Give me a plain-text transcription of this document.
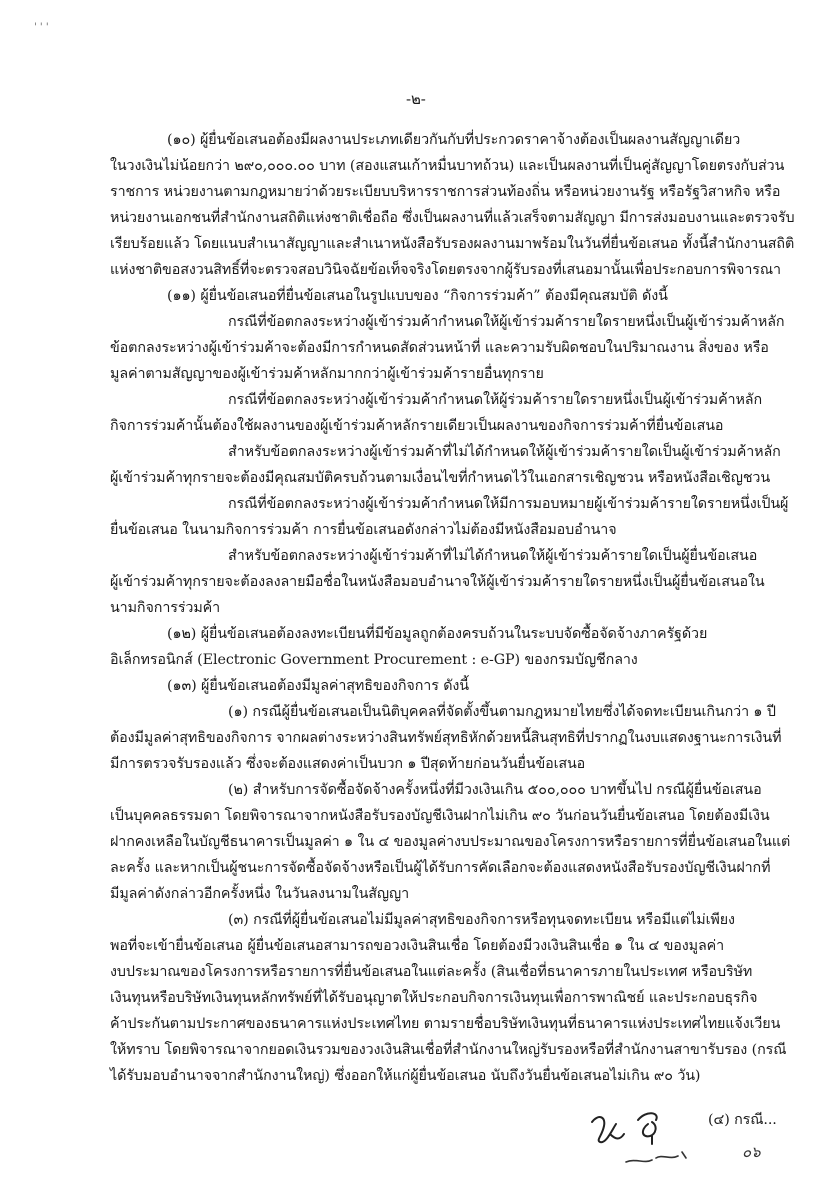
' ' '
-๒-
(๑๐) ผู้ยื่นข้อเสนอต้องมีผลงานประเภทเดียวกันกับที่ประกวดราคาจ้างต้องเป็นผลงานสัญญาเดียว
ในวงเงินไม่น้อยกว่า ๒๙๐,๐๐๐.๐๐ บาท (สองแสนเก้าหมื่นบาทถ้วน) และเป็นผลงานที่เป็นคู่สัญญาโดยตรงกับส่วน
ราชการ หน่วยงานตามกฎหมายว่าด้วยระเบียบบริหารราชการส่วนท้องถิ่น หรือหน่วยงานรัฐ หรือรัฐวิสาหกิจ หรือ
หน่วยงานเอกชนที่สำนักงานสถิติแห่งชาติเชื่อถือ ซึ่งเป็นผลงานที่แล้วเสร็จตามสัญญา มีการส่งมอบงานและตรวจรับ
เรียบร้อยแล้ว โดยแนบสำเนาสัญญาและสำเนาหนังสือรับรองผลงานมาพร้อมในวันที่ยื่นข้อเสนอ ทั้งนี้สำนักงานสถิติ
แห่งชาติขอสงวนสิทธิ์ที่จะตรวจสอบวินิจฉัยข้อเท็จจริงโดยตรงจากผู้รับรองที่เสนอมานั้นเพื่อประกอบการพิจารณา
(๑๑) ผู้ยื่นข้อเสนอที่ยื่นข้อเสนอในรูปแบบของ “กิจการร่วมค้า” ต้องมีคุณสมบัติ ดังนี้
กรณีที่ข้อตกลงระหว่างผู้เข้าร่วมค้ากำหนดให้ผู้เข้าร่วมค้ารายใดรายหนึ่งเป็นผู้เข้าร่วมค้าหลัก
ข้อตกลงระหว่างผู้เข้าร่วมค้าจะต้องมีการกำหนดสัดส่วนหน้าที่ และความรับผิดชอบในปริมาณงาน สิ่งของ หรือ
มูลค่าตามสัญญาของผู้เข้าร่วมค้าหลักมากกว่าผู้เข้าร่วมค้ารายอื่นทุกราย
กรณีที่ข้อตกลงระหว่างผู้เข้าร่วมค้ากำหนดให้ผู้ร่วมค้ารายใดรายหนึ่งเป็นผู้เข้าร่วมค้าหลัก
กิจการร่วมค้านั้นต้องใช้ผลงานของผู้เข้าร่วมค้าหลักรายเดียวเป็นผลงานของกิจการร่วมค้าที่ยื่นข้อเสนอ
สำหรับข้อตกลงระหว่างผู้เข้าร่วมค้าที่ไม่ได้กำหนดให้ผู้เข้าร่วมค้ารายใดเป็นผู้เข้าร่วมค้าหลัก
ผู้เข้าร่วมค้าทุกรายจะต้องมีคุณสมบัติครบถ้วนตามเงื่อนไขที่กำหนดไว้ในเอกสารเชิญชวน หรือหนังสือเชิญชวน
กรณีที่ข้อตกลงระหว่างผู้เข้าร่วมค้ากำหนดให้มีการมอบหมายผู้เข้าร่วมค้ารายใดรายหนึ่งเป็นผู้
ยื่นข้อเสนอ ในนามกิจการร่วมค้า การยื่นข้อเสนอดังกล่าวไม่ต้องมีหนังสือมอบอำนาจ
สำหรับข้อตกลงระหว่างผู้เข้าร่วมค้าที่ไม่ได้กำหนดให้ผู้เข้าร่วมค้ารายใดเป็นผู้ยื่นข้อเสนอ
ผู้เข้าร่วมค้าทุกรายจะต้องลงลายมือชื่อในหนังสือมอบอำนาจให้ผู้เข้าร่วมค้ารายใดรายหนึ่งเป็นผู้ยื่นข้อเสนอใน
นามกิจการร่วมค้า
(๑๒) ผู้ยื่นข้อเสนอต้องลงทะเบียนที่มีข้อมูลถูกต้องครบถ้วนในระบบจัดซื้อจัดจ้างภาครัฐด้วย
อิเล็กทรอนิกส์ (Electronic Government Procurement : e-GP) ของกรมบัญชีกลาง
(๑๓) ผู้ยื่นข้อเสนอต้องมีมูลค่าสุทธิของกิจการ ดังนี้
(๑) กรณีผู้ยื่นข้อเสนอเป็นนิติบุคคลที่จัดตั้งขึ้นตามกฎหมายไทยซึ่งได้จดทะเบียนเกินกว่า ๑ ปี
ต้องมีมูลค่าสุทธิของกิจการ จากผลต่างระหว่างสินทรัพย์สุทธิหักด้วยหนี้สินสุทธิที่ปรากฏในงบแสดงฐานะการเงินที่
มีการตรวจรับรองแล้ว ซึ่งจะต้องแสดงค่าเป็นบวก ๑ ปีสุดท้ายก่อนวันยื่นข้อเสนอ
(๒) สำหรับการจัดซื้อจัดจ้างครั้งหนึ่งที่มีวงเงินเกิน ๕๐๐,๐๐๐ บาทขึ้นไป กรณีผู้ยื่นข้อเสนอ
เป็นบุคคลธรรมดา โดยพิจารณาจากหนังสือรับรองบัญชีเงินฝากไม่เกิน ๙๐ วันก่อนวันยื่นข้อเสนอ โดยต้องมีเงิน
ฝากคงเหลือในบัญชีธนาคารเป็นมูลค่า ๑ ใน ๔ ของมูลค่างบประมาณของโครงการหรือรายการที่ยื่นข้อเสนอในแต่
ละครั้ง และหากเป็นผู้ชนะการจัดซื้อจัดจ้างหรือเป็นผู้ได้รับการคัดเลือกจะต้องแสดงหนังสือรับรองบัญชีเงินฝากที่
มีมูลค่าดังกล่าวอีกครั้งหนึ่ง ในวันลงนามในสัญญา
(๓) กรณีที่ผู้ยื่นข้อเสนอไม่มีมูลค่าสุทธิของกิจการหรือทุนจดทะเบียน หรือมีแต่ไม่เพียง
พอที่จะเข้ายื่นข้อเสนอ ผู้ยื่นข้อเสนอสามารถขอวงเงินสินเชื่อ โดยต้องมีวงเงินสินเชื่อ ๑ ใน ๔ ของมูลค่า
งบประมาณของโครงการหรือรายการที่ยื่นข้อเสนอในแต่ละครั้ง (สินเชื่อที่ธนาคารภายในประเทศ หรือบริษัท
เงินทุนหรือบริษัทเงินทุนหลักทรัพย์ที่ได้รับอนุญาตให้ประกอบกิจการเงินทุนเพื่อการพาณิชย์ และประกอบธุรกิจ
ค้าประกันตามประกาศของธนาคารแห่งประเทศไทย ตามรายชื่อบริษัทเงินทุนที่ธนาคารแห่งประเทศไทยแจ้งเวียน
ให้ทราบ โดยพิจารณาจากยอดเงินรวมของวงเงินสินเชื่อที่สำนักงานใหญ่รับรองหรือที่สำนักงานสาขารับรอง (กรณี
ได้รับมอบอำนาจจากสำนักงานใหญ่) ซึ่งออกให้แก่ผู้ยื่นข้อเสนอ นับถึงวันยื่นข้อเสนอไม่เกิน ๙๐ วัน)
(๔) กรณี...
๐๖
